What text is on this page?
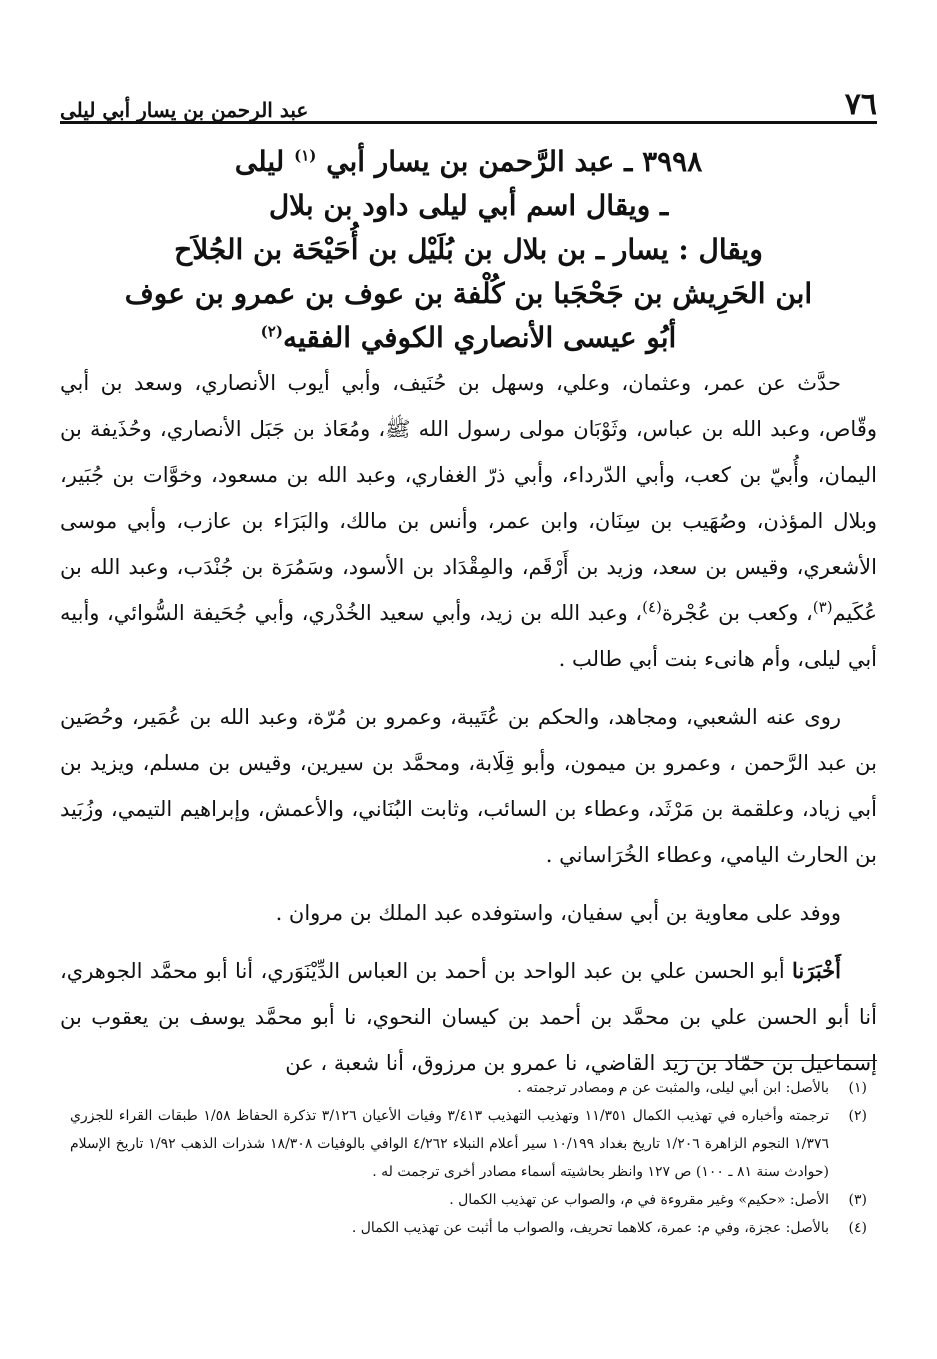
٧٦
عبد الرحمن بن يسار أبي ليلى
٣٩٩٨ ـ عبد الرَّحمن بن يسار أبي $^{(١)}$ ليلى
ـ ويقال اسم أبي ليلى داود بن بلال
ويقال : يسار ـ بن بلال بن بُلَيْل بن أُحَيْحَة بن الجُلاَح
ابن الحَرِيش بن جَحْجَبا بن كُلْفة بن عوف بن عمرو بن عوف
أبُو عيسى الأنصاري الكوفي الفقيه$^{(٢)}$

حدَّث عن عمر، وعثمان، وعلي، وسهل بن حُنَيف، وأبي أيوب الأنصاري، وسعد بن أبي وقّاص، وعبد الله بن عباس، وثَوْبَان مولى رسول الله ﷺ، ومُعَاذ بن جَبَل الأنصاري، وحُذَيفة بن اليمان، وأُبيّ بن كعب، وأبي الدّرداء، وأبي ذرّ الغفاري، وعبد الله بن مسعود، وخوَّات بن جُبَير، وبلال المؤذن، وصُهَيب بن سِنَان، وابن عمر، وأنس بن مالك، والبَرَاء بن عازب، وأبي موسى الأشعري، وقيس بن سعد، وزيد بن أَرْقَم، والمِقْدَاد بن الأسود، وسَمُرَة بن جُنْدَب، وعبد الله بن عُكَيم$^{(٣)}$، وكعب بن عُجْرة$^{(٤)}$، وعبد الله بن زيد، وأبي سعيد الخُدْري، وأبي جُحَيفة السُّوائي، وأبيه أبي ليلى، وأم هانىء بنت أبي طالب .

روى عنه الشعبي، ومجاهد، والحكم بن عُتَيبة، وعمرو بن مُرّة، وعبد الله بن عُمَير، وحُصَين بن عبد الرَّحمن ، وعمرو بن ميمون، وأبو قِلَابة، ومحمَّد بن سيرين، وقيس بن مسلم، ويزيد بن أبي زياد، وعلقمة بن مَرْثَد، وعطاء بن السائب، وثابت البُنَاني، والأعمش، وإبراهيم التيمي، وزُبَيد بن الحارث اليامي، وعطاء الخُرَاساني .

ووفد على معاوية بن أبي سفيان، واستوفده عبد الملك بن مروان .

أَخْبَرَنا أبو الحسن علي بن عبد الواحد بن أحمد بن العباس الدِّيْنَوَري، أنا أبو محمَّد الجوهري، أنا أبو الحسن علي بن محمَّد بن أحمد بن كيسان النحوي، نا أبو محمَّد يوسف بن يعقوب بن إسماعيل بن حمّاد بن زيد القاضي، نا عمرو بن مرزوق، أنا شعبة ، عن

(١)
بالأصل: ابن أبي ليلى، والمثبت عن م ومصادر ترجمته .
(٢)
ترجمته وأخباره في تهذيب الكمال ١١/٣٥١ وتهذيب التهذيب ٣/٤١٣ وفيات الأعيان ٣/١٢٦ تذكرة الحفاظ ١/٥٨ طبقات القراء للجزري ١/٣٧٦ النجوم الزاهرة ١/٢٠٦ تاريخ بغداد ١٠/١٩٩ سير أعلام النبلاء ٤/٢٦٢ الوافي بالوفيات ١٨/٣٠٨ شذرات الذهب ١/٩٢ تاريخ الإسلام (حوادث سنة ٨١ ـ ١٠٠) ص ١٢٧ وانظر بحاشيته أسماء مصادر أخرى ترجمت له .
(٣)
الأصل: «حكيم» وغير مقروءة في م، والصواب عن تهذيب الكمال .
(٤)
بالأصل: عجزة، وفي م: عمرة، كلاهما تحريف، والصواب ما أثبت عن تهذيب الكمال .
